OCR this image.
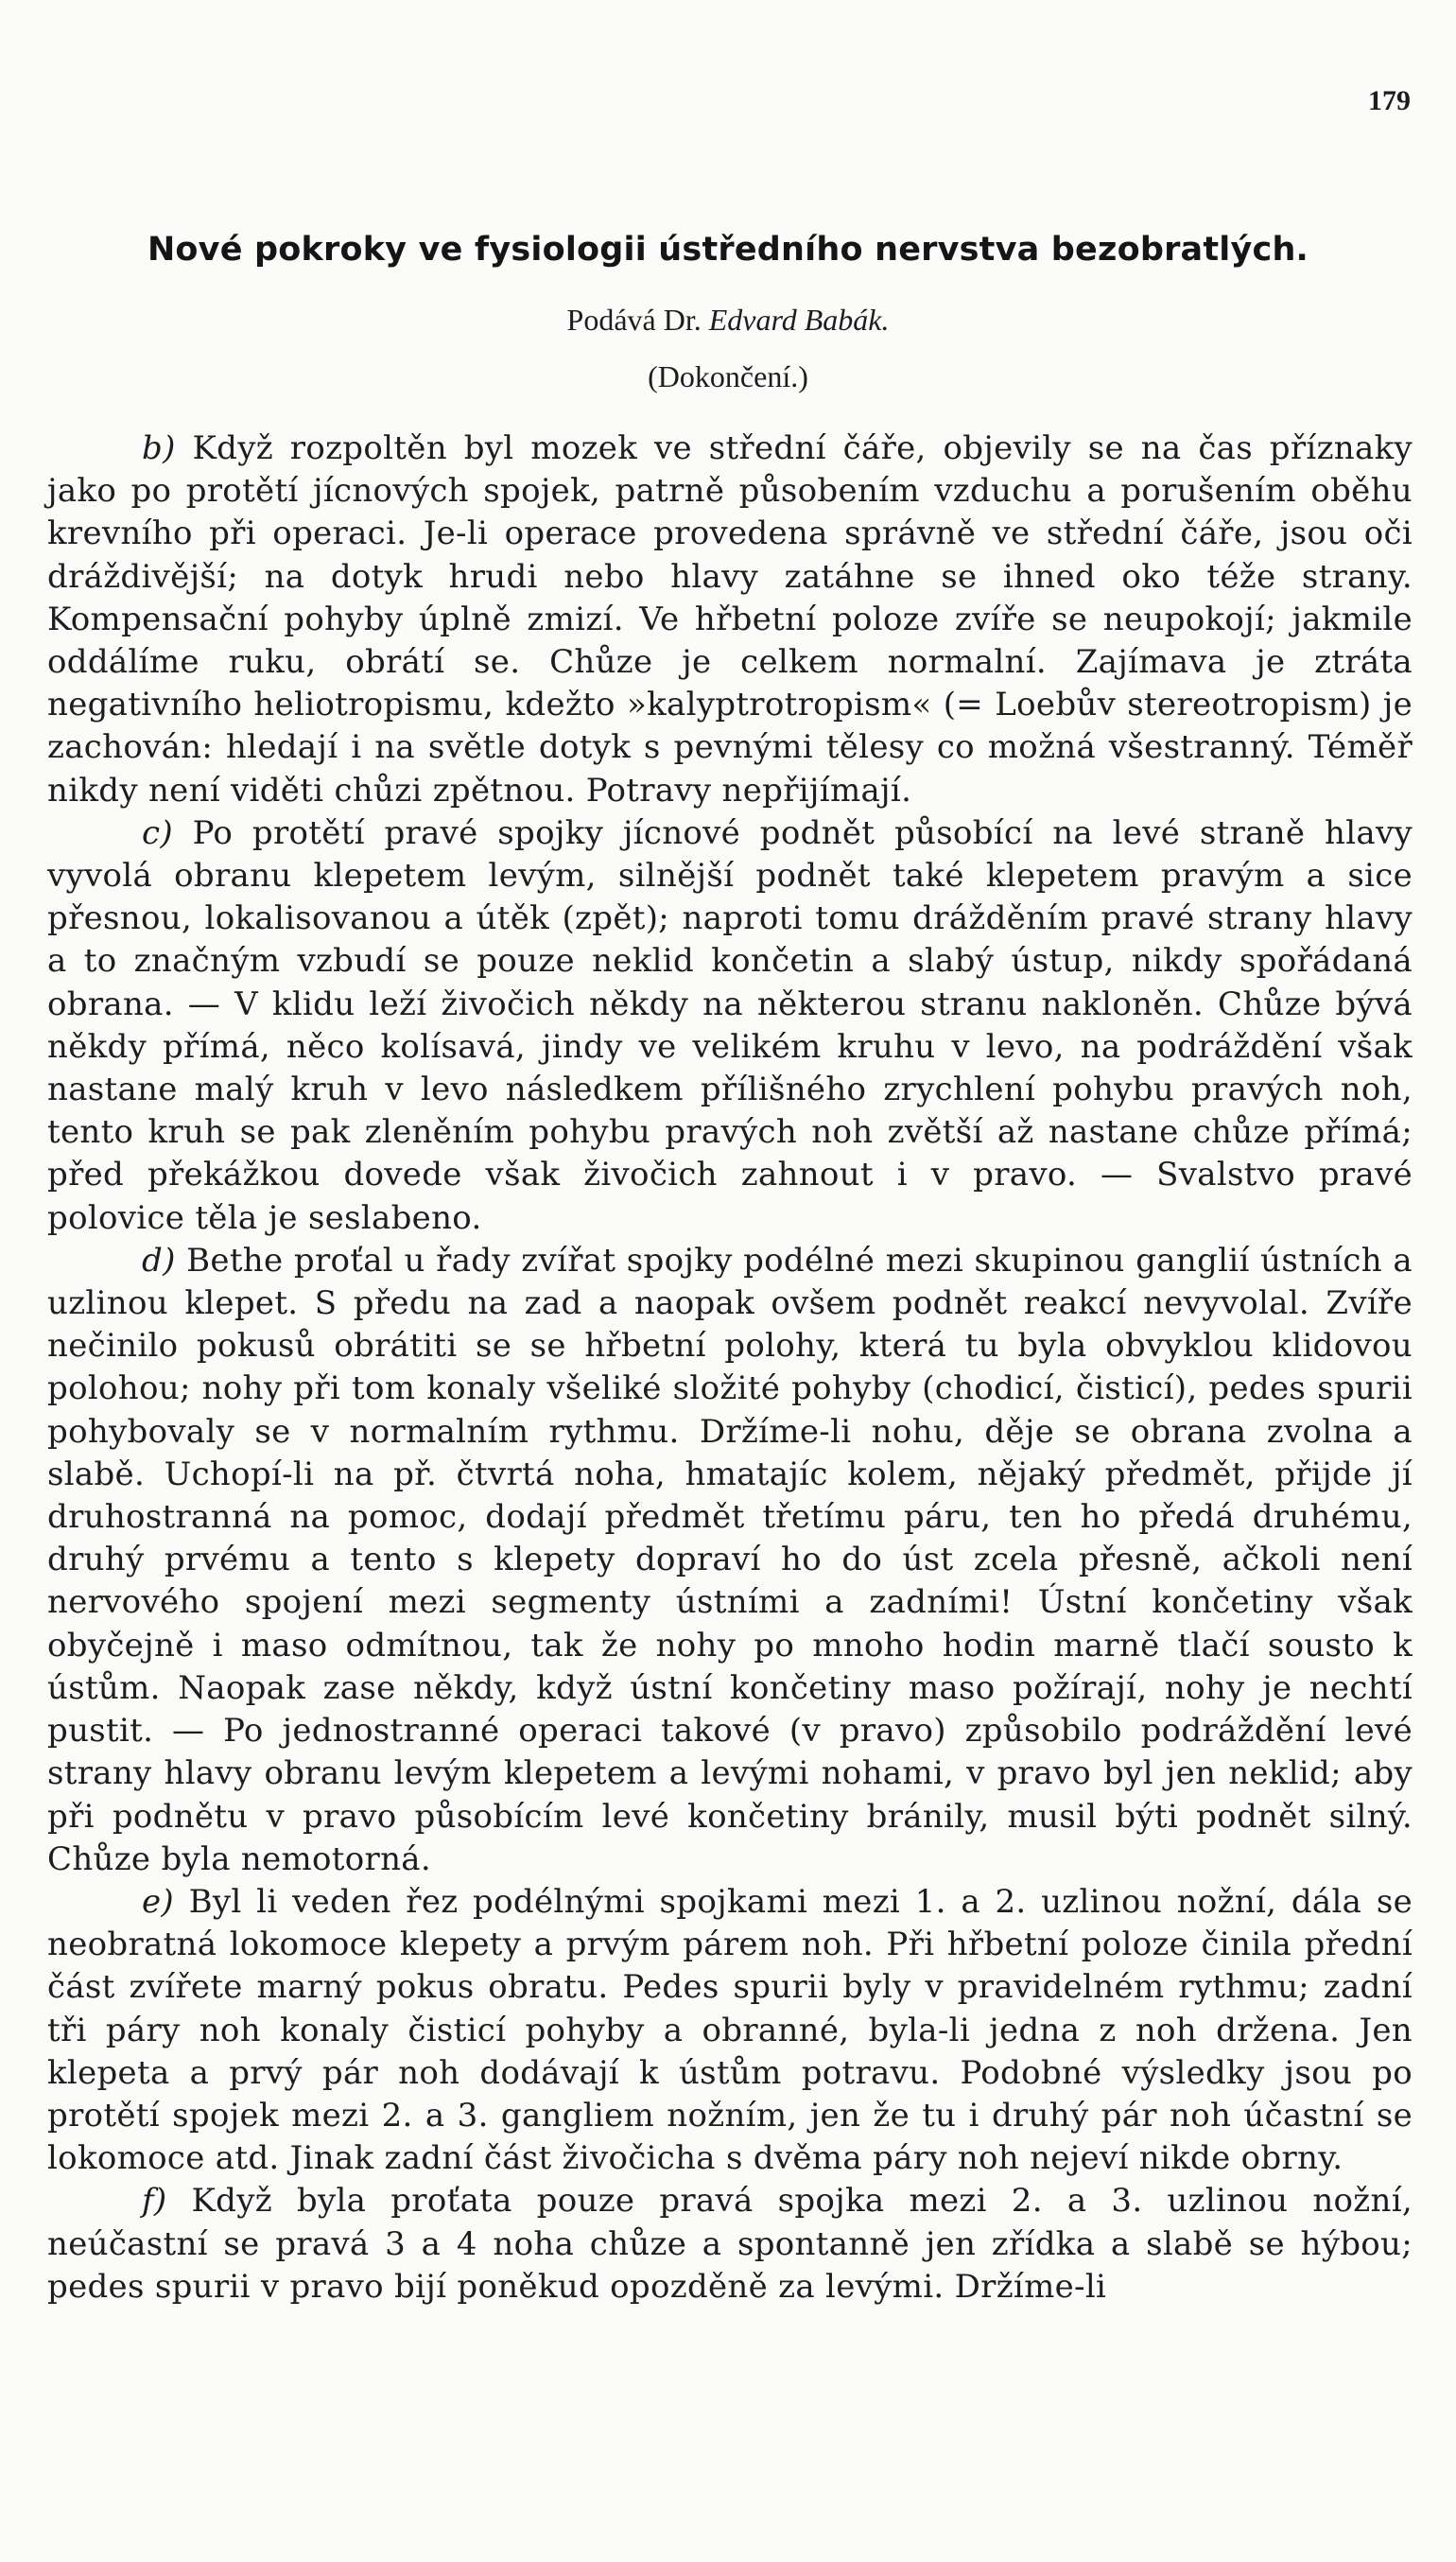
179
Nové pokroky ve fysiologii ústředního nervstva bezobratlých.
Podává Dr. Edvard Babák.
(Dokončení.)

b) Když rozpoltěn byl mozek ve střední čáře, objevily se na čas příznaky jako po protětí jícnových spojek, patrně působením vzduchu a porušením oběhu krevního při operaci. Je-li operace provedena správně ve střední čáře, jsou oči dráždivější; na dotyk hrudi nebo hlavy zatáhne se ihned oko téže strany. Kompensační pohyby úplně zmizí. Ve hřbetní poloze zvíře se neupokojí; jakmile oddálíme ruku, obrátí se. Chůze je celkem normalní. Zajímava je ztráta negativního heliotropismu, kdežto »kalyptrotropism« (= Loebův stereotropism) je zachován: hledají i na světle dotyk s pevnými tělesy co možná všestranný. Téměř nikdy není viděti chůzi zpětnou. Potravy nepřijímají.

c) Po protětí pravé spojky jícnové podnět působící na levé straně hlavy vyvolá obranu klepetem levým, silnější podnět také klepetem pravým a sice přesnou, lokalisovanou a útěk (zpět); naproti tomu drážděním pravé strany hlavy a to značným vzbudí se pouze neklid končetin a slabý ústup, nikdy spořádaná obrana. — V klidu leží živočich někdy na některou stranu nakloněn. Chůze bývá někdy přímá, něco kolísavá, jindy ve velikém kruhu v levo, na podráždění však nastane malý kruh v levo následkem přílišného zrychlení pohybu pravých noh, tento kruh se pak zleněním pohybu pravých noh zvětší až nastane chůze přímá; před překážkou dovede však živočich zahnout i v pravo. — Svalstvo pravé polovice těla je seslabeno.

d) Bethe proťal u řady zvířat spojky podélné mezi skupinou ganglií ústních a uzlinou klepet. S předu na zad a naopak ovšem podnět reakcí nevyvolal. Zvíře nečinilo pokusů obrátiti se se hřbetní polohy, která tu byla obvyklou klidovou polohou; nohy při tom konaly všeliké složité pohyby (chodicí, čisticí), pedes spurii pohybovaly se v normalním rythmu. Držíme-li nohu, děje se obrana zvolna a slabě. Uchopí-li na př. čtvrtá noha, hmatajíc kolem, nějaký předmět, přijde jí druhostranná na pomoc, dodají předmět třetímu páru, ten ho předá druhému, druhý prvému a tento s klepety dopraví ho do úst zcela přesně, ačkoli není nervového spojení mezi segmenty ústními a zadními! Ústní končetiny však obyčejně i maso odmítnou, tak že nohy po mnoho hodin marně tlačí sousto k ústům. Naopak zase někdy, když ústní končetiny maso požírají, nohy je nechtí pustit. — Po jednostranné operaci takové (v pravo) způsobilo podráždění levé strany hlavy obranu levým klepetem a levými nohami, v pravo byl jen neklid; aby při podnětu v pravo působícím levé končetiny bránily, musil býti podnět silný. Chůze byla nemotorná.

e) Byl li veden řez podélnými spojkami mezi 1. a 2. uzlinou nožní, dála se neobratná lokomoce klepety a prvým párem noh. Při hřbetní poloze činila přední část zvířete marný pokus obratu. Pedes spurii byly v pravidelném rythmu; zadní tři páry noh konaly čisticí pohyby a obranné, byla-li jedna z noh držena. Jen klepeta a prvý pár noh dodávají k ústům potravu. Podobné výsledky jsou po protětí spojek mezi 2. a 3. gangliem nožním, jen že tu i druhý pár noh účastní se lokomoce atd. Jinak zadní část živočicha s dvěma páry noh nejeví nikde obrny.

f) Když byla proťata pouze pravá spojka mezi 2. a 3. uzlinou nožní, neúčastní se pravá 3 a 4 noha chůze a spontanně jen zřídka a slabě se hýbou; pedes spurii v pravo bijí poněkud opozděně za levými. Držíme-li
